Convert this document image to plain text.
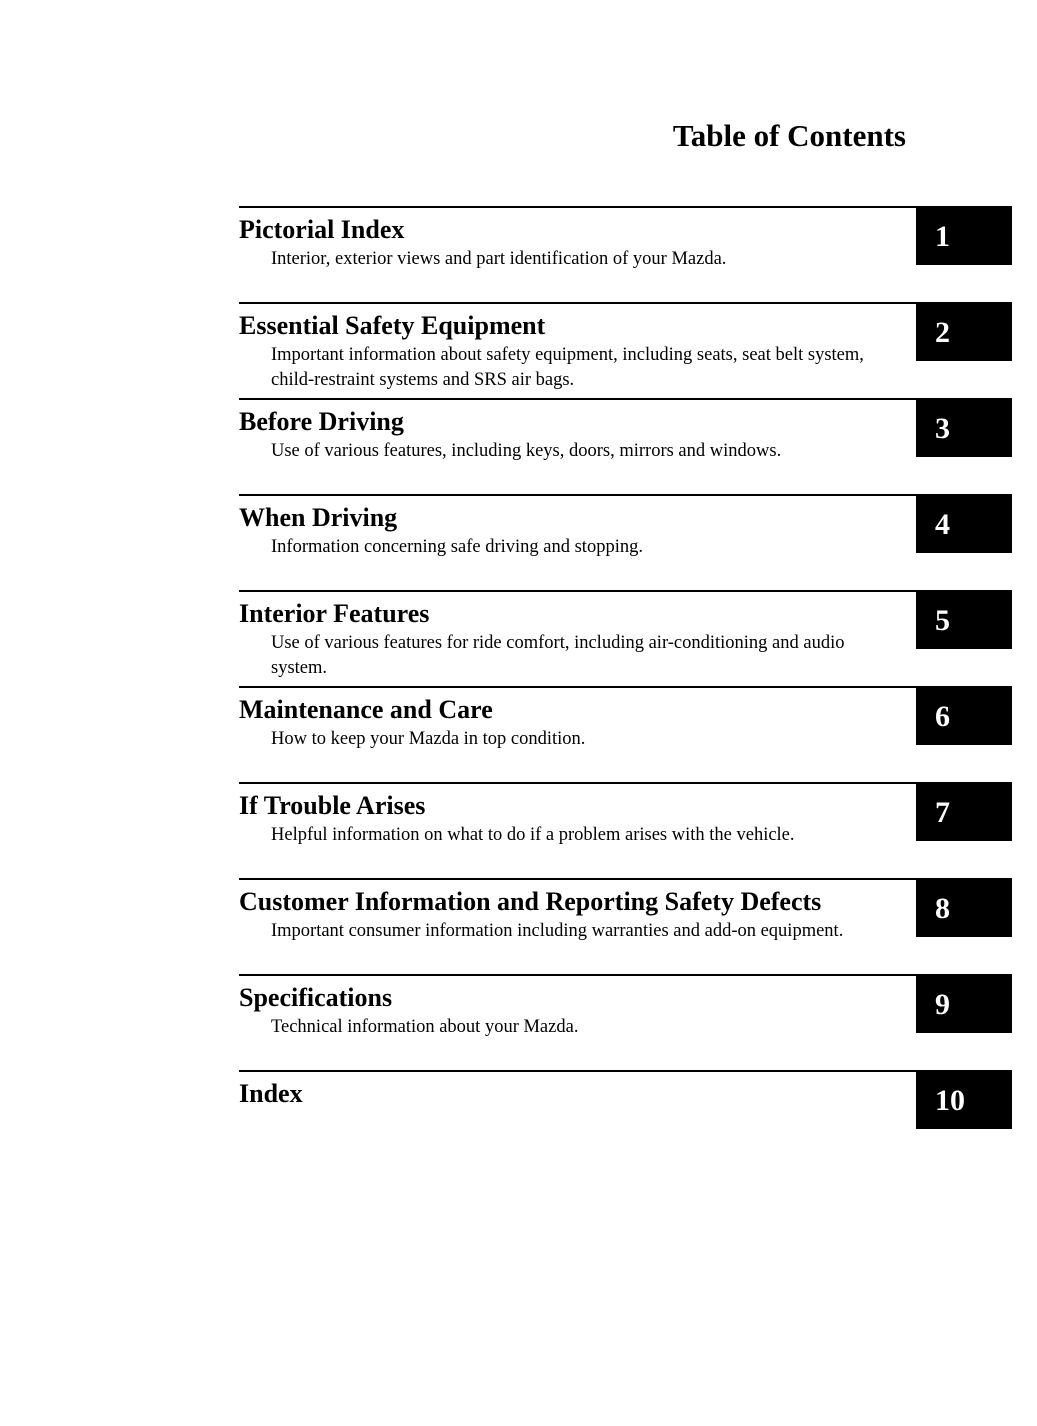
Table of Contents
Pictorial Index
Interior, exterior views and part identification of your Mazda.
1
Essential Safety Equipment
Important information about safety equipment, including seats, seat belt system, child-restraint systems and SRS air bags.
2
Before Driving
Use of various features, including keys, doors, mirrors and windows.
3
When Driving
Information concerning safe driving and stopping.
4
Interior Features
Use of various features for ride comfort, including air-conditioning and audio system.
5
Maintenance and Care
How to keep your Mazda in top condition.
6
If Trouble Arises
Helpful information on what to do if a problem arises with the vehicle.
7
Customer Information and Reporting Safety Defects
Important consumer information including warranties and add-on equipment.
8
Specifications
Technical information about your Mazda.
9
Index	10
